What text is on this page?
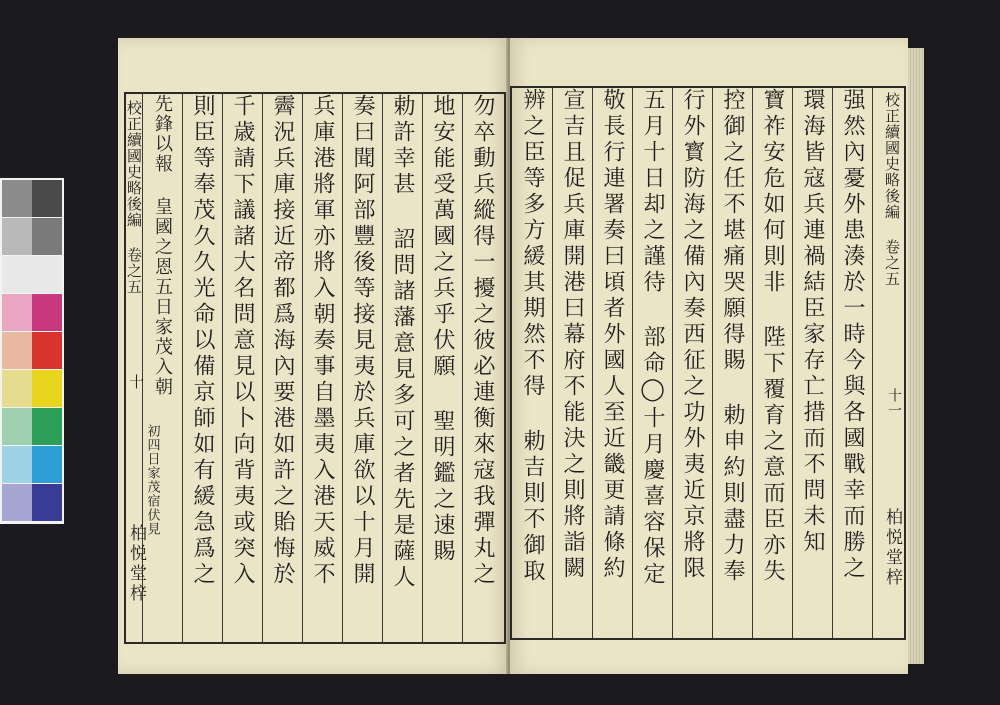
勿卒動兵縱得一擾之彼必連衡來寇我彈丸之
地安能受萬國之兵乎伏願 聖明鑑之速賜
勅許幸甚 詔問諸藩意見多可之者先是薩人
奏曰聞阿部豐後等接見夷於兵庫欲以十月開
兵庫港將軍亦將入朝奏事自墨夷入港天威不
霽況兵庫接近帝都爲海內要港如許之貽悔於
千歳請下議諸大名問意見以卜向背夷或突入
則臣等奉茂久久光命以備京師如有緩急爲之
先鋒以報 皇國之恩五日家茂入朝
初四日家茂宿伏見
校正續國史略後編 卷之五
十
柏悦堂梓	强然內憂外患湊於一時今與各國戰幸而勝之
環海皆寇兵連禍結臣家存亡措而不問未知
寶祚安危如何則非 陛下覆育之意而臣亦失
控御之任不堪痛哭願得賜 勅申約則盡力奉
行外寳防海之備內奏西征之功外夷近京將限
五月十日却之謹待 部命◯十月慶喜容保定
敬長行連署奏曰頃者外國人至近畿更請條約
宣吉且促兵庫開港曰幕府不能決之則將詣闕
辨之臣等多方緩其期然不得 勅吉則不御取	校正續國史略後編 卷之五
十一
柏悦堂梓
